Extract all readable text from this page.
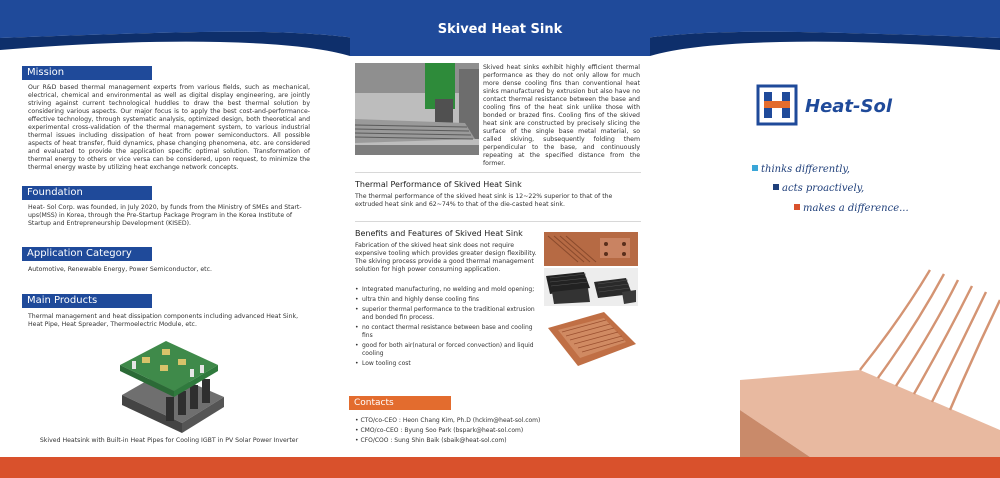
Skived Heat Sink
Mission

Our R&D based thermal management experts from various fields, such as mechanical, electrical, chemical and environmental as well as digital display engineering, are jointly striving against current technological huddles to draw the best thermal solution by considering various aspects. Our major focus is to apply the best cost-and-performance-effective technology, through systematic analysis, optimized design, both theoretical and experimental cross-validation of the thermal management system, to various industrial thermal issues including dissipation of heat from power semiconductors. All possible aspects of heat transfer, fluid dynamics, phase changing phenomena, etc. are considered and evaluated to provide the application specific optimal solution. Transformation of thermal energy to others or vice versa can be considered, upon request, to minimize the thermal energy waste by utilizing heat exchange network concepts.

Foundation

Heat- Sol Corp. was founded, in July 2020, by funds from the Ministry of SMEs and Start-ups(MSS) in Korea, through the Pre-Startup Package Program in the Korea Institute of Startup and Entrepreneurship Development (KISED).

Application Category

Automotive, Renewable Energy, Power Semiconductor, etc.

Main Products

Thermal management and heat dissipation components including advanced Heat Sink, Heat Pipe, Heat Spreader, Thermoelectric Module, etc.

Skived Heatsink with Built-in Heat Pipes for Cooling IGBT in PV Solar Power Inverter

Skived heat sinks exhibit highly efficient thermal performance as they do not only allow for much more dense cooling fins than conventional heat sinks manufactured by extrusion but also have no contact thermal resistance between the base and cooling fins of the heat sink unlike those with bonded or brazed fins. Cooling fins of the skived heat sink are constructed by precisely slicing the surface of the single base metal material, so called skiving, subsequently folding them perpendicular to the base, and continuously repeating at the specified distance from the former.

Thermal Performance of Skived Heat Sink

The thermal performance of the skived heat sink is 12~22% superior to that of the extruded heat sink and 62~74% to that of the die-casted heat sink.

Benefits and Features of Skived Heat Sink

Fabrication of the skived heat sink does not require expensive tooling which provides greater design flexibility. The skiving process provide a good thermal management solution for high power consuming application.

• Integrated manufacturing, no welding and mold opening;
• ultra thin and highly dense cooling fins
• superior thermal performance to the traditional extrusion and bonded fin process.
• no contact thermal resistance between base and cooling fins
• good for both air(natural or forced convection) and liquid cooling
• Low tooling cost
Contacts
• CTO/co-CEO : Heon Chang Kim, Ph.D (hckim@heat-sol.com)
• CMO/co-CEO : Byung Soo Park (bspark@heat-sol.com)
• CFO/COO : Sung Shin Baik (sbaik@heat-sol.com)
Heat-Sol
thinks differently,
acts proactively,
makes a difference...
